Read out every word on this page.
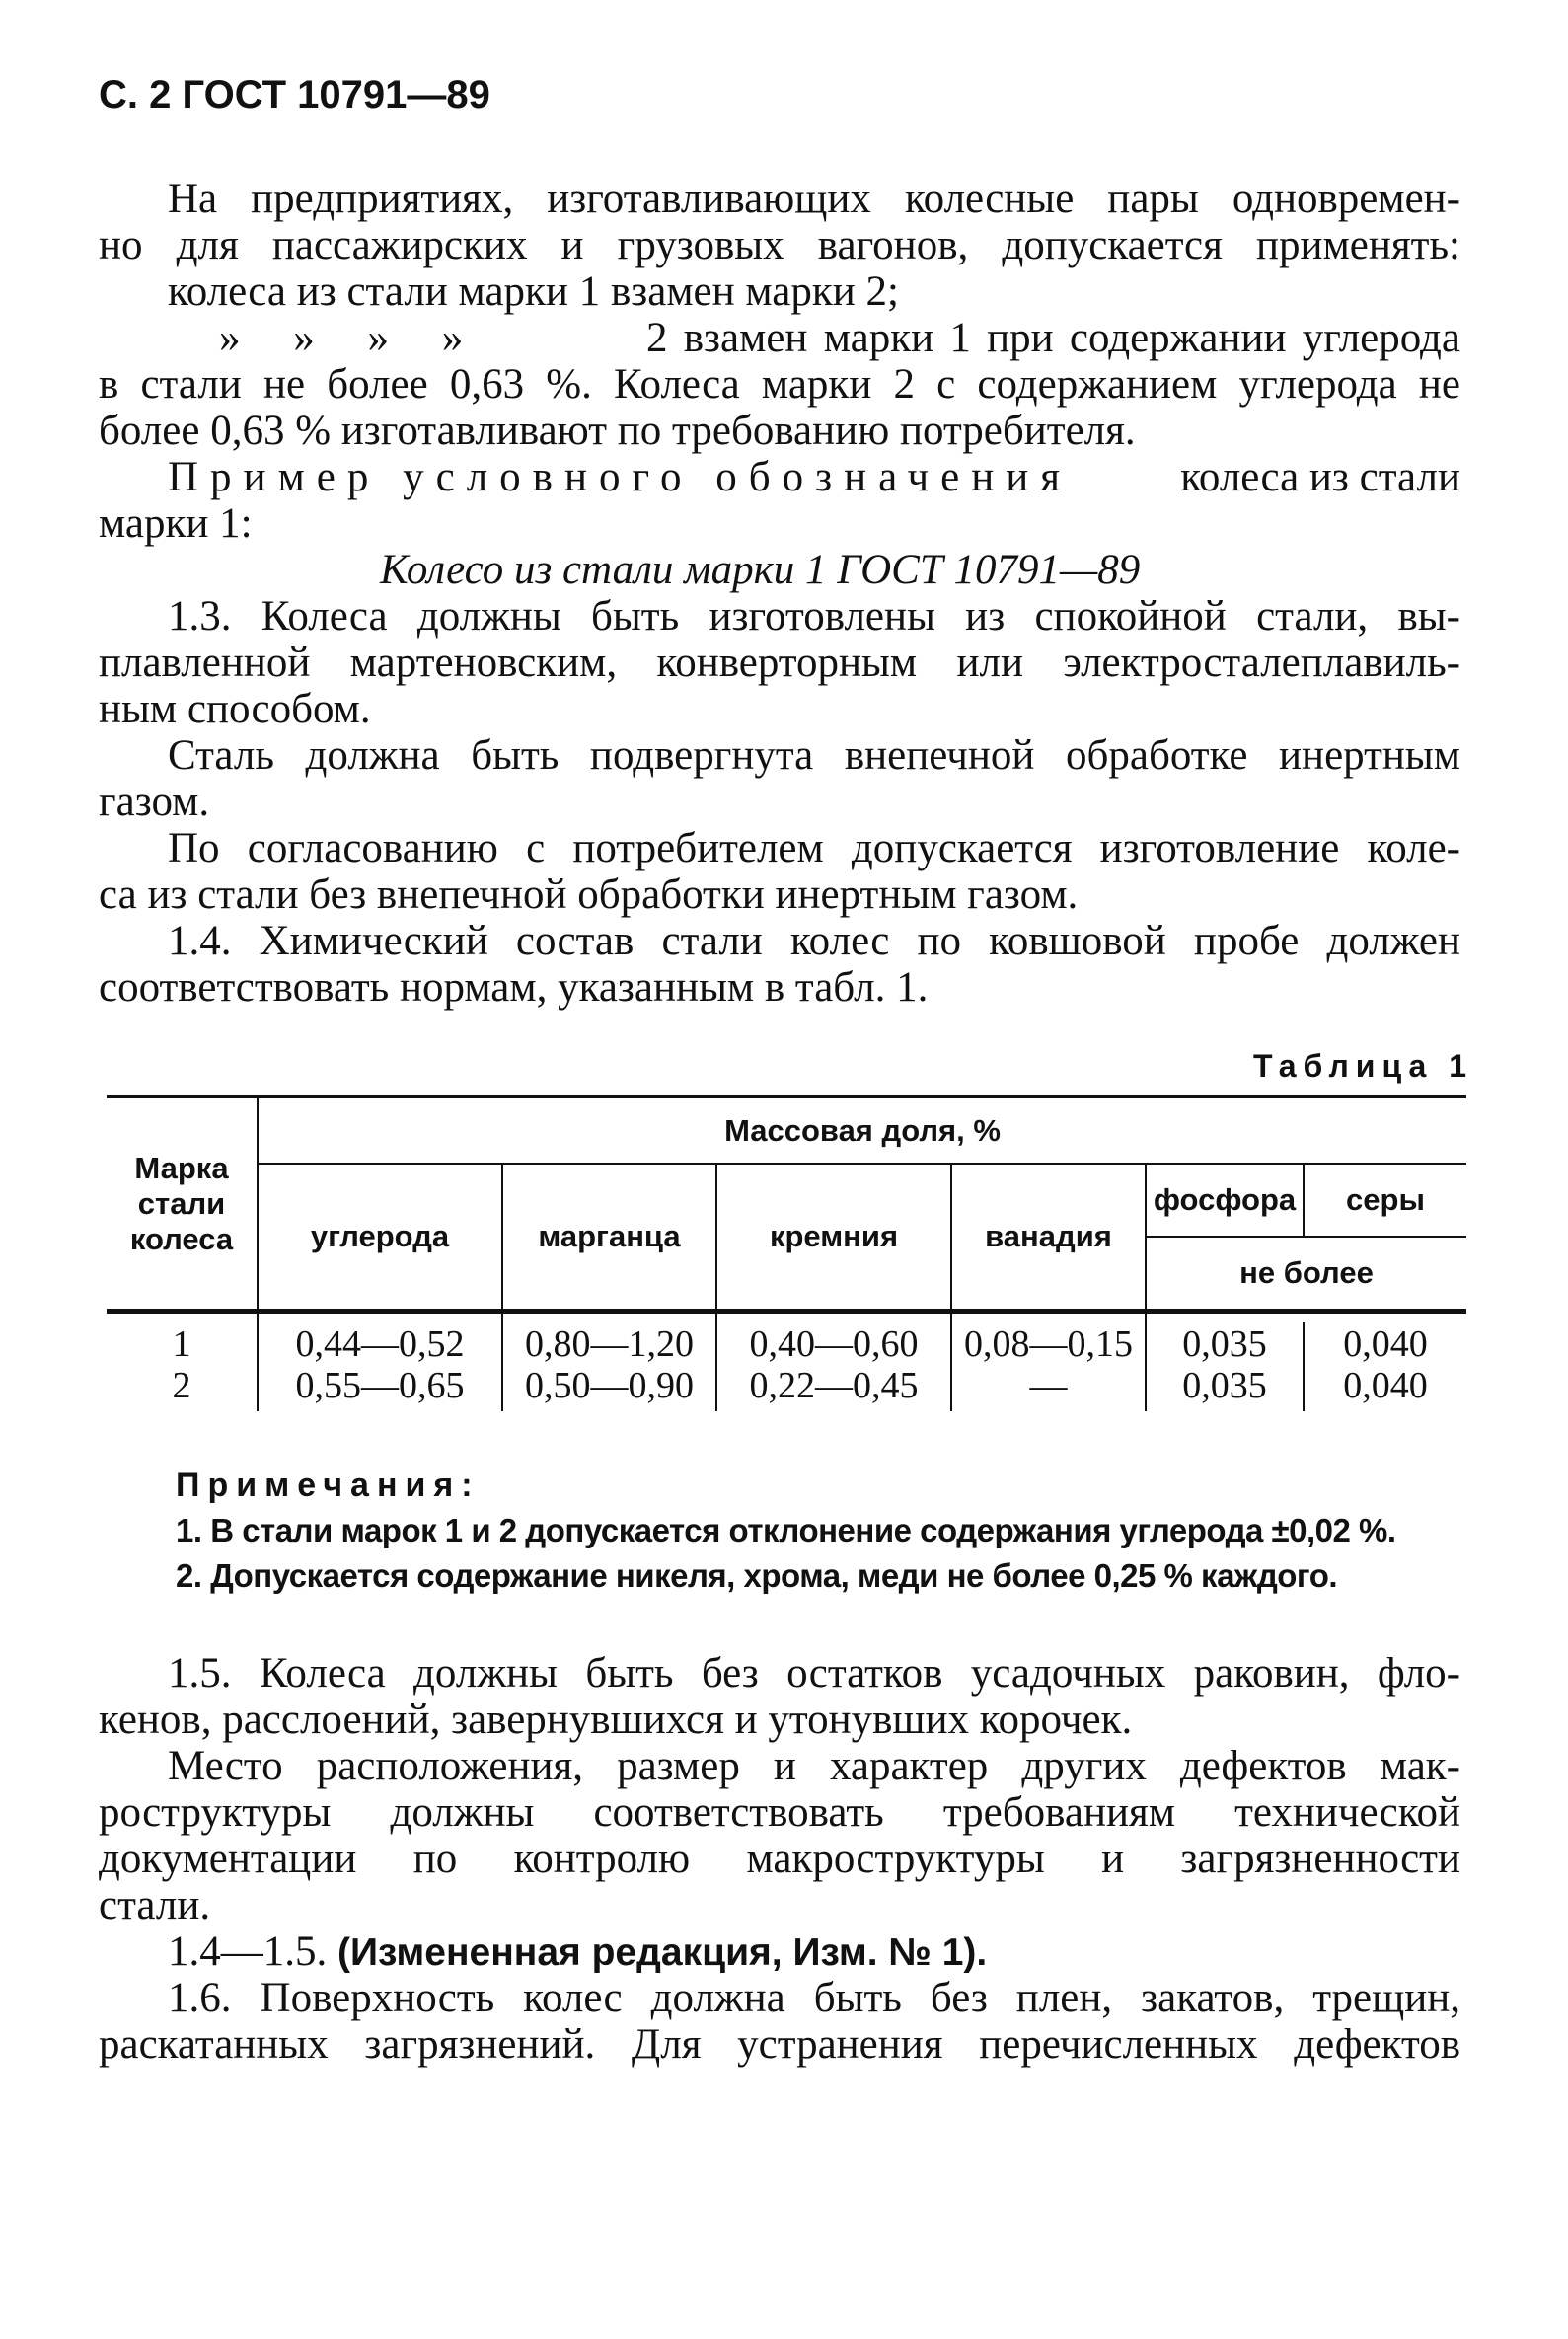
С. 2 ГОСТ 10791—89
На предприятиях, изготавливающих колесные пары одновремен-
но для пассажирских и грузовых вагонов, допускается применять:
колеса из стали марки 1 взамен марки 2;
»     »     »     »	2 взамен марки 1 при содержании углерода
в стали не более 0,63 %. Колеса марки 2 с содержанием углерода не
более 0,63 % изготавливают по требованию потребителя.
Пример условного обозначения	колеса из стали
марки 1:
Колесо из стали марки 1 ГОСТ 10791—89
1.3. Колеса должны быть изготовлены из спокойной стали, вы-
плавленной мартеновским, конверторным или электросталеплавиль-
ным способом.
Сталь должна быть подвергнута внепечной обработке инертным
газом.
По согласованию с потребителем допускается изготовление коле-
са из стали без внепечной обработки инертным газом.
1.4. Химический состав стали колес по ковшовой пробе должен
соответствовать нормам, указанным в табл. 1.
Таблица 1
Марка стали колеса
Массовая доля, %
углерода	марганца	кремния	ванадия
фосфора	серы
не более
1	0,44—0,52	0,80—1,20	0,40—0,60	0,08—0,15	0,035	0,040
2	0,55—0,65	0,50—0,90	0,22—0,45	—	0,035	0,040
Примечания:
1. В стали марок 1 и 2 допускается отклонение содержания углерода ±0,02 %.
2. Допускается содержание никеля, хрома, меди не более 0,25 % каждого.
1.5. Колеса должны быть без остатков усадочных раковин, фло-
кенов, расслоений, завернувшихся и утонувших корочек.
Место расположения, размер и характер других дефектов мак-
роструктуры должны соответствовать требованиям технической
документации по контролю макроструктуры и загрязненности
стали.
1.4—1.5. (Измененная редакция, Изм. № 1).
1.6. Поверхность колес должна быть без плен, закатов, трещин,
раскатанных загрязнений. Для устранения перечисленных дефектов
